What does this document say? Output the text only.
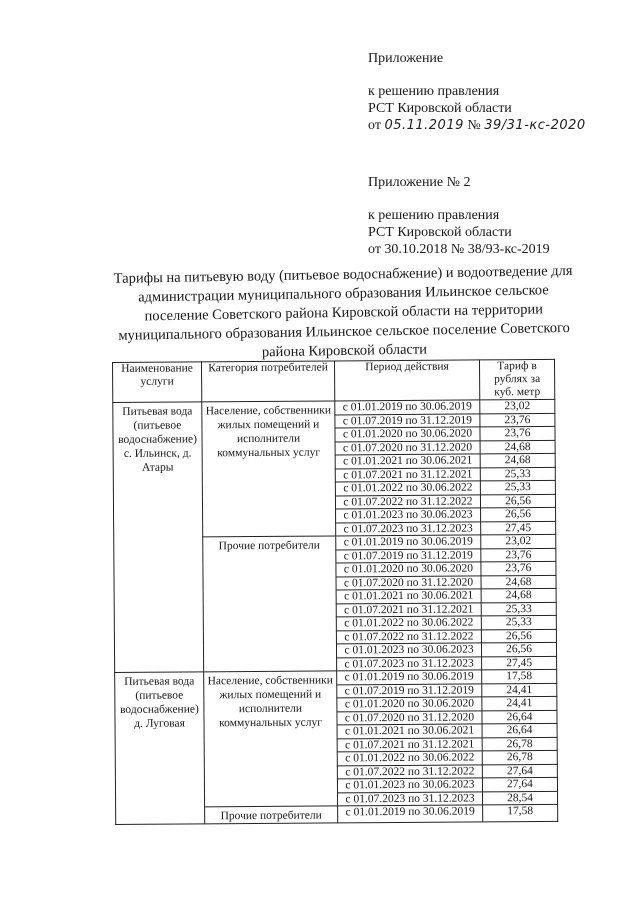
Приложение
к решению правления
РСТ Кировской области
от 05.11.2019 № 39/31-кс-2020
Приложение № 2
к решению правления
РСТ Кировской области
от 30.10.2018 № 38/93-кс-2019
Тарифы на питьевую воду (питьевое водоснабжение) и водоотведение для администрации муниципального образования Ильинское сельское поселение Советского района Кировской области на территории муниципального образования Ильинское сельское поселение Советского района Кировской области
Наименование услуги	Категория потребителей	Период действия	Тариф в рублях за куб. метр
Питьевая вода (питьевое водоснабжение) с. Ильинск, д. Атары	Население, собственники жилых помещений и исполнители коммунальных услуг	с 01.01.2019 по 30.06.2019	23,02
		с 01.07.2019 по 31.12.2019	23,76
		с 01.01.2020 по 30.06.2020	23,76
		с 01.07.2020 по 31.12.2020	24,68
		с 01.01.2021 по 30.06.2021	24,68
		с 01.07.2021 по 31.12.2021	25,33
		с 01.01.2022 по 30.06.2022	25,33
		с 01.07.2022 по 31.12.2022	26,56
		с 01.01.2023 по 30.06.2023	26,56
		с 01.07.2023 по 31.12.2023	27,45
	Прочие потребители	с 01.01.2019 по 30.06.2019	23,02
		с 01.07.2019 по 31.12.2019	23,76
		с 01.01.2020 по 30.06.2020	23,76
		с 01.07.2020 по 31.12.2020	24,68
		с 01.01.2021 по 30.06.2021	24,68
		с 01.07.2021 по 31.12.2021	25,33
		с 01.01.2022 по 30.06.2022	25,33
		с 01.07.2022 по 31.12.2022	26,56
		с 01.01.2023 по 30.06.2023	26,56
		с 01.07.2023 по 31.12.2023	27,45
Питьевая вода (питьевое водоснабжение) д. Луговая	Население, собственники жилых помещений и исполнители коммунальных услуг	с 01.01.2019 по 30.06.2019	17,58
		с 01.07.2019 по 31.12.2019	24,41
		с 01.01.2020 по 30.06.2020	24,41
		с 01.07.2020 по 31.12.2020	26,64
		с 01.01.2021 по 30.06.2021	26,64
		с 01.07.2021 по 31.12.2021	26,78
		с 01.01.2022 по 30.06.2022	26,78
		с 01.07.2022 по 31.12.2022	27,64
		с 01.01.2023 по 30.06.2023	27,64
		с 01.07.2023 по 31.12.2023	28,54
	Прочие потребители	с 01.01.2019 по 30.06.2019	17,58
